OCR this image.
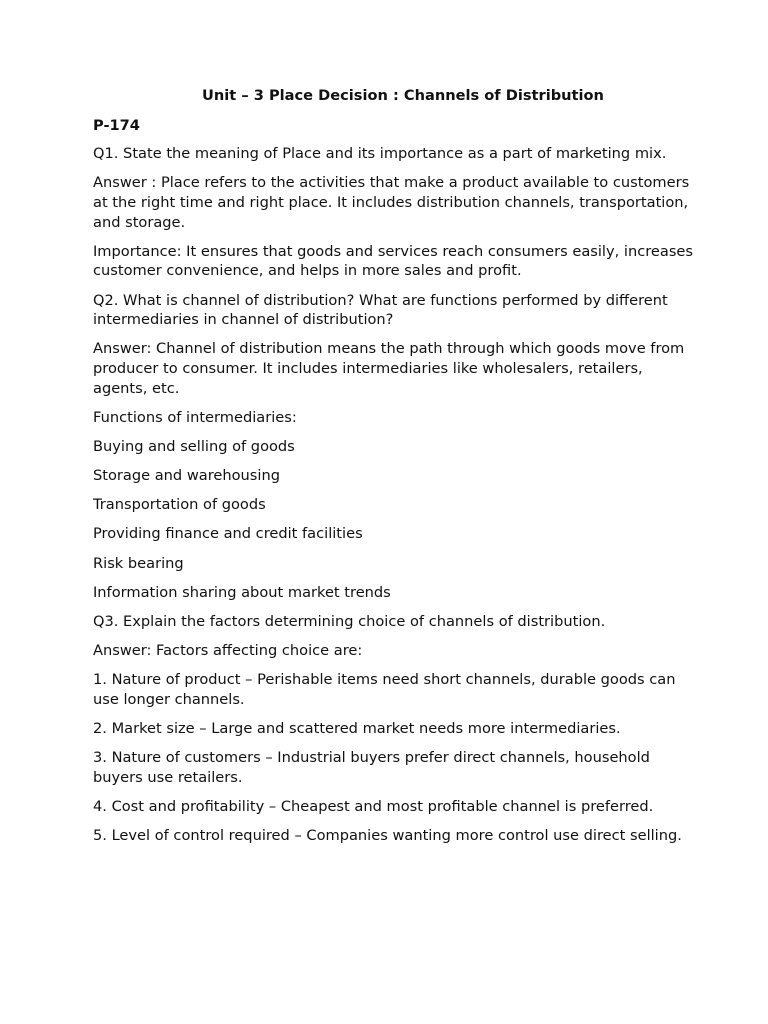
Unit – 3 Place Decision : Channels of Distribution
P-174
Q1. State the meaning of Place and its importance as a part of marketing mix.
Answer : Place refers to the activities that make a product available to customers at the right time and right place. It includes distribution channels, transportation, and storage.
Importance: It ensures that goods and services reach consumers easily, increases customer convenience, and helps in more sales and profit.
Q2. What is channel of distribution? What are functions performed by different intermediaries in channel of distribution?
Answer: Channel of distribution means the path through which goods move from producer to consumer. It includes intermediaries like wholesalers, retailers, agents, etc.
Functions of intermediaries:
Buying and selling of goods
Storage and warehousing
Transportation of goods
Providing finance and credit facilities
Risk bearing
Information sharing about market trends
Q3. Explain the factors determining choice of channels of distribution.
Answer: Factors affecting choice are:
1. Nature of product – Perishable items need short channels, durable goods can use longer channels.
2. Market size – Large and scattered market needs more intermediaries.
3. Nature of customers – Industrial buyers prefer direct channels, household buyers use retailers.
4. Cost and profitability – Cheapest and most profitable channel is preferred.
5. Level of control required – Companies wanting more control use direct selling.
